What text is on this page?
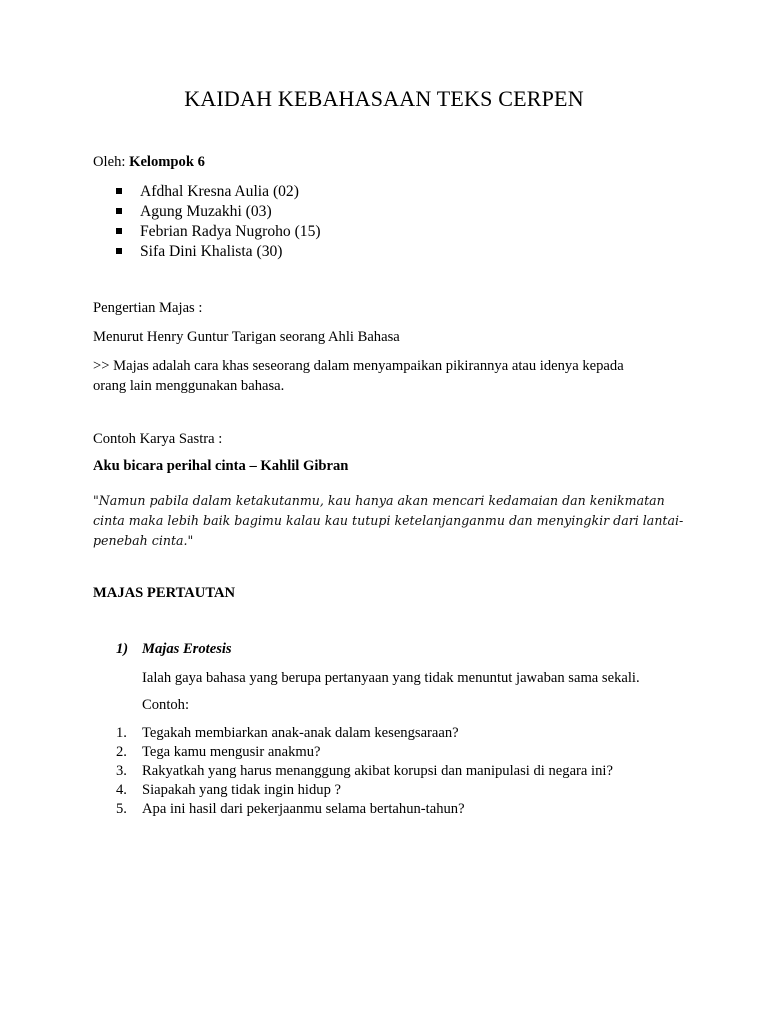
KAIDAH KEBAHASAAN TEKS CERPEN
Oleh: Kelompok 6
Afdhal Kresna Aulia (02)
Agung Muzakhi (03)
Febrian Radya Nugroho (15)
Sifa Dini Khalista (30)
Pengertian Majas :
Menurut Henry Guntur Tarigan seorang Ahli Bahasa
>> Majas adalah cara khas seseorang dalam menyampaikan pikirannya atau idenya kepada
orang lain menggunakan bahasa.
Contoh Karya Sastra :
Aku bicara perihal cinta – Kahlil Gibran
"Namun pabila dalam ketakutanmu, kau hanya akan mencari kedamaian dan kenikmatan
cinta maka lebih baik bagimu kalau kau tutupi ketelanjanganmu dan menyingkir dari lantai-
penebah cinta."
MAJAS PERTAUTAN
1) Majas Erotesis
Ialah gaya bahasa yang berupa pertanyaan yang tidak menuntut jawaban sama sekali.
Contoh:
1. Tegakah membiarkan anak-anak dalam kesengsaraan?
2. Tega kamu mengusir anakmu?
3. Rakyatkah yang harus menanggung akibat korupsi dan manipulasi di negara ini?
4. Siapakah yang tidak ingin hidup ?
5. Apa ini hasil dari pekerjaanmu selama bertahun-tahun?
